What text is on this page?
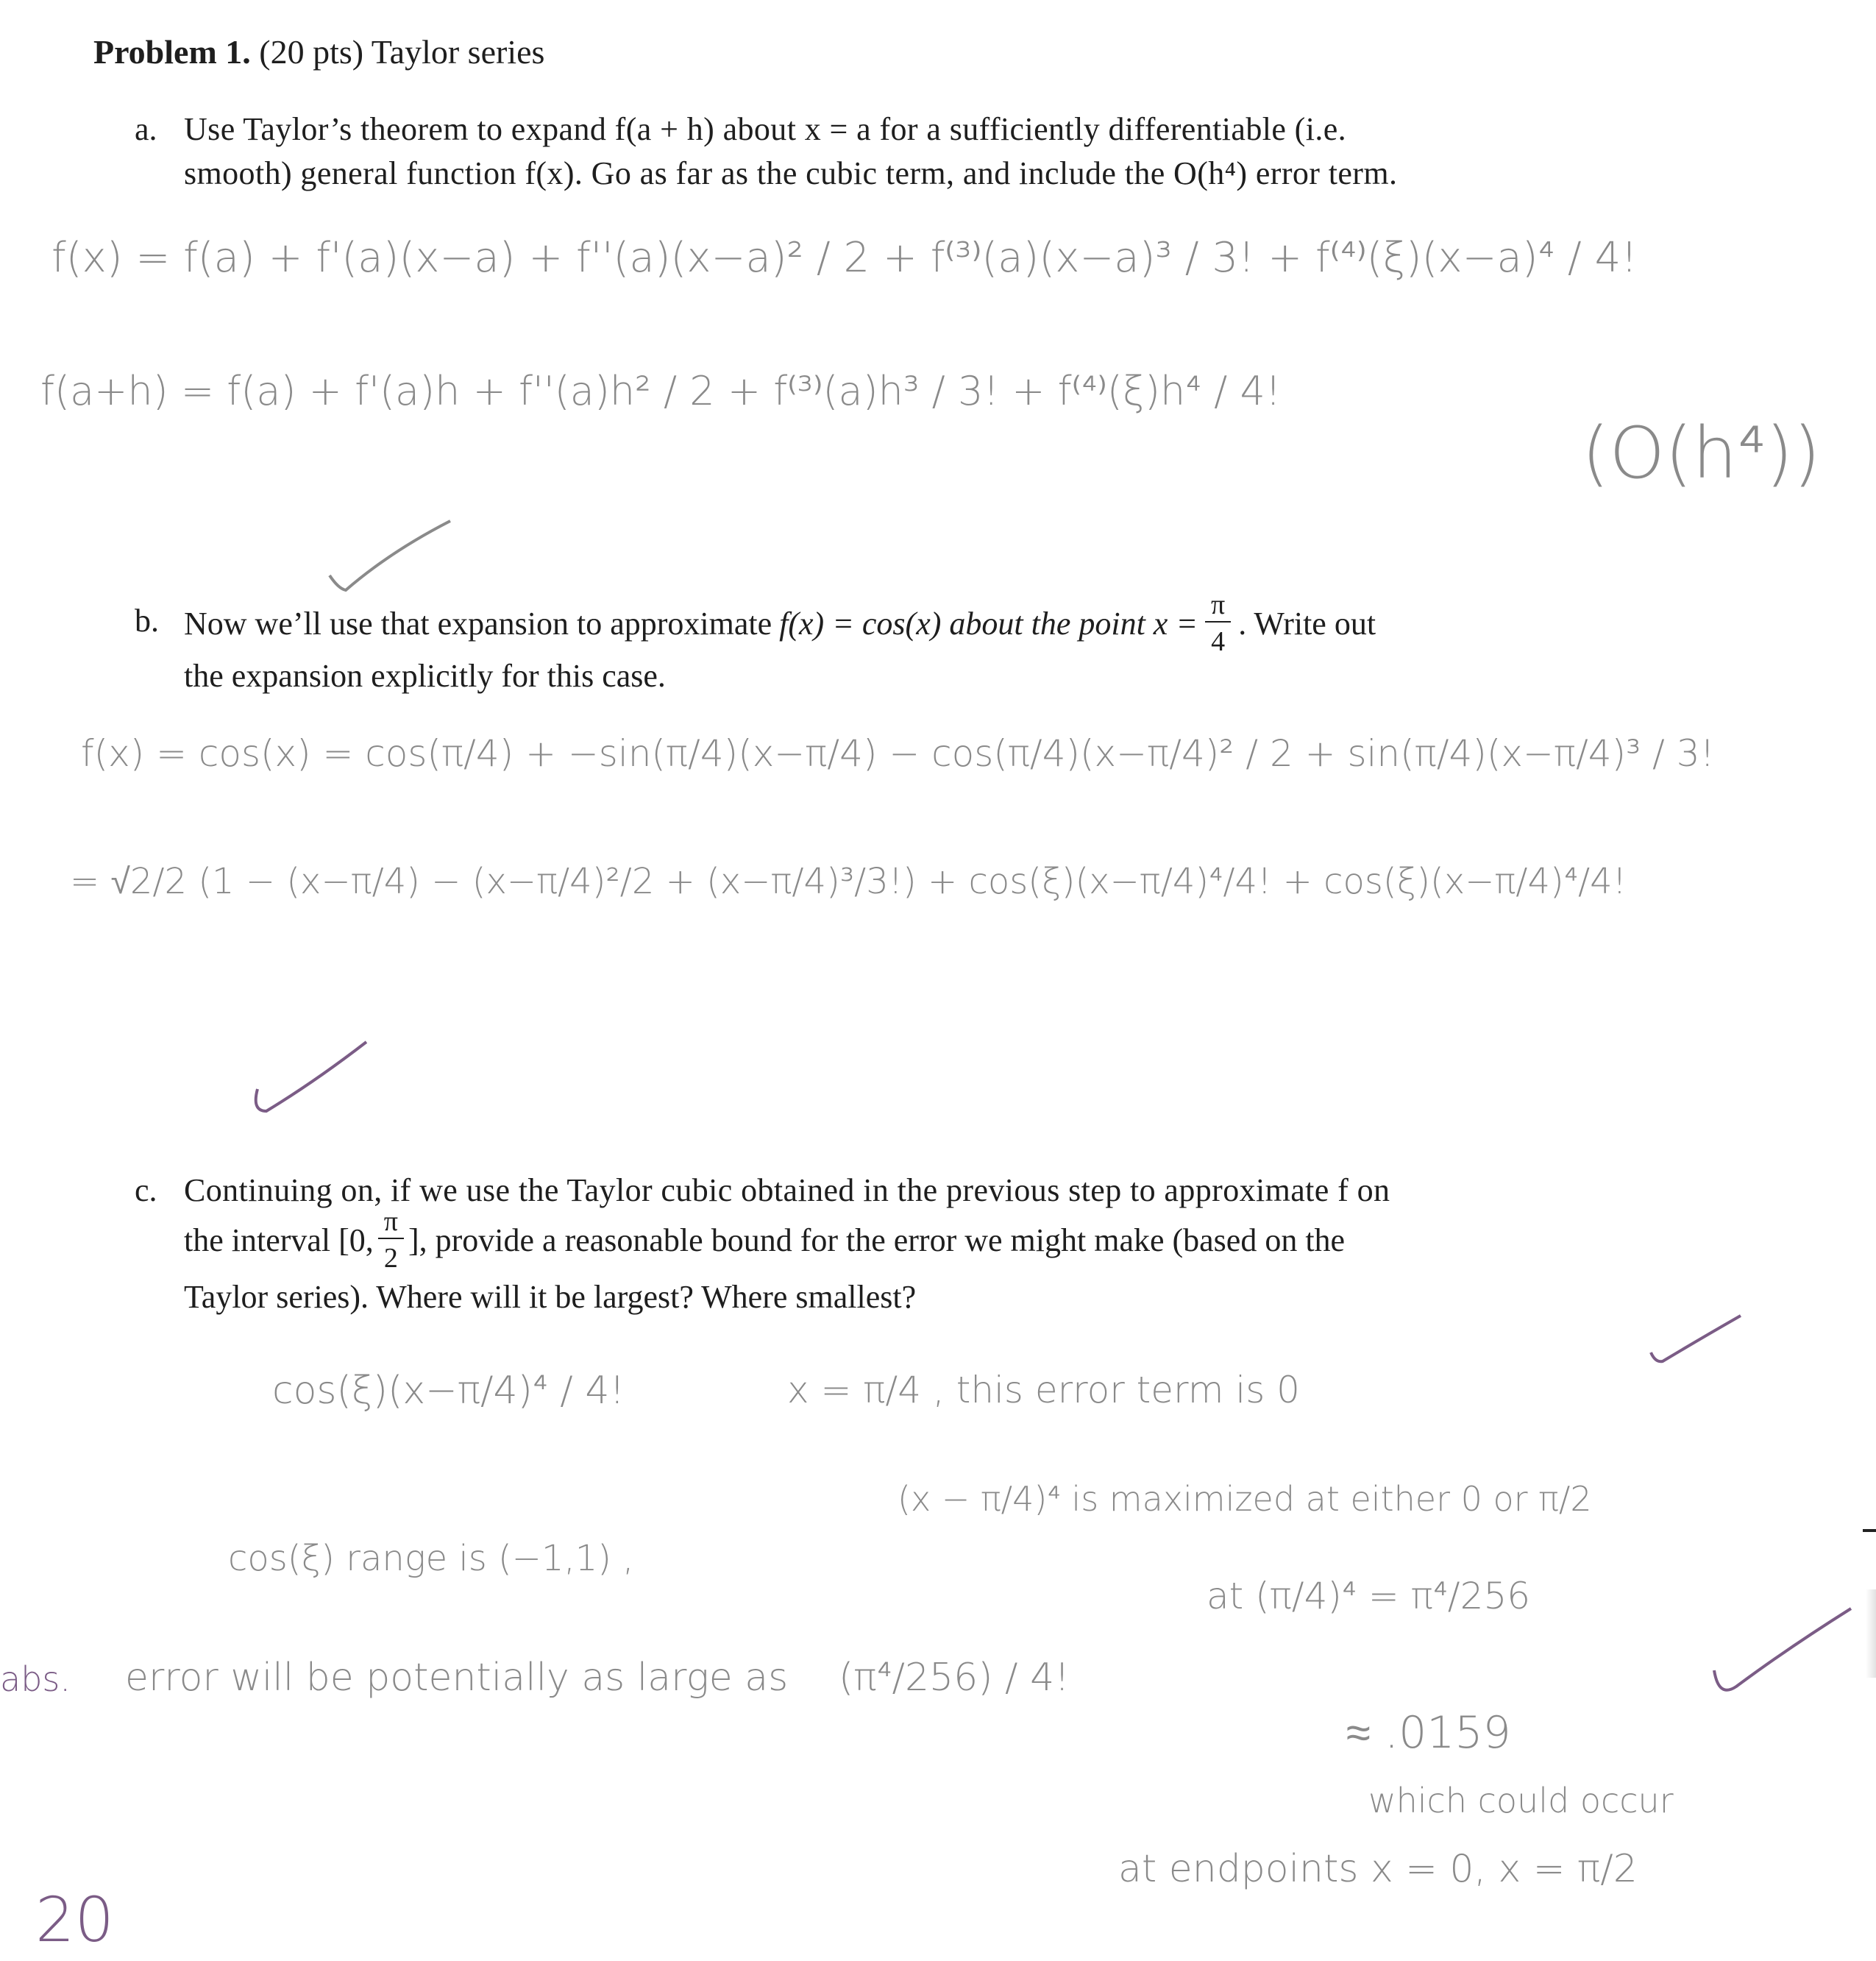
Problem 1. (20 pts) Taylor series
a. Use Taylor’s theorem to expand f(a + h) about x = a for a sufficiently differentiable (i.e.
smooth) general function f(x). Go as far as the cubic term, and include the O(h⁴) error term.
f(x) = f(a) + f'(a)(x−a) + f''(a)(x−a)² / 2 + f⁽³⁾(a)(x−a)³ / 3! + f⁽⁴⁾(ξ)(x−a)⁴ / 4!
f(a+h) = f(a) + f'(a)h + f''(a)h² / 2 + f⁽³⁾(a)h³ / 3! + f⁽⁴⁾(ξ)h⁴ / 4!
(O(h⁴))
b. Now we’ll use that expansion to approximate f(x) = cos(x) about the point $x = \frac{\pi}{4}$ . Write out
the expansion explicitly for this case.
f(x) = cos(x) = cos(π/4) + −sin(π/4)(x−π/4) − cos(π/4)(x−π/4)² / 2 + sin(π/4)(x−π/4)³ / 3!
= √2/2 (1 − (x−π/4) − (x−π/4)²/2 + (x−π/4)³/3!) + cos(ξ)(x−π/4)⁴/4! + cos(ξ)(x−π/4)⁴/4!
c. Continuing on, if we use the Taylor cubic obtained in the previous step to approximate f on
the interval [0, $\frac{\pi}{2}$ ], provide a reasonable bound for the error we might make (based on the
Taylor series). Where will it be largest? Where smallest?
cos(ξ)(x−π/4)⁴ / 4!	x = π/4 , this error term is 0
(x − π/4)⁴ is maximized at either 0 or π/2
cos(ξ) range is (−1,1) ,
at (π/4)⁴ = π⁴/256
abs. error will be potentially as large as (π⁴/256) / 4!
≈ .0159
which could occur
at endpoints x = 0, x = π/2
20
